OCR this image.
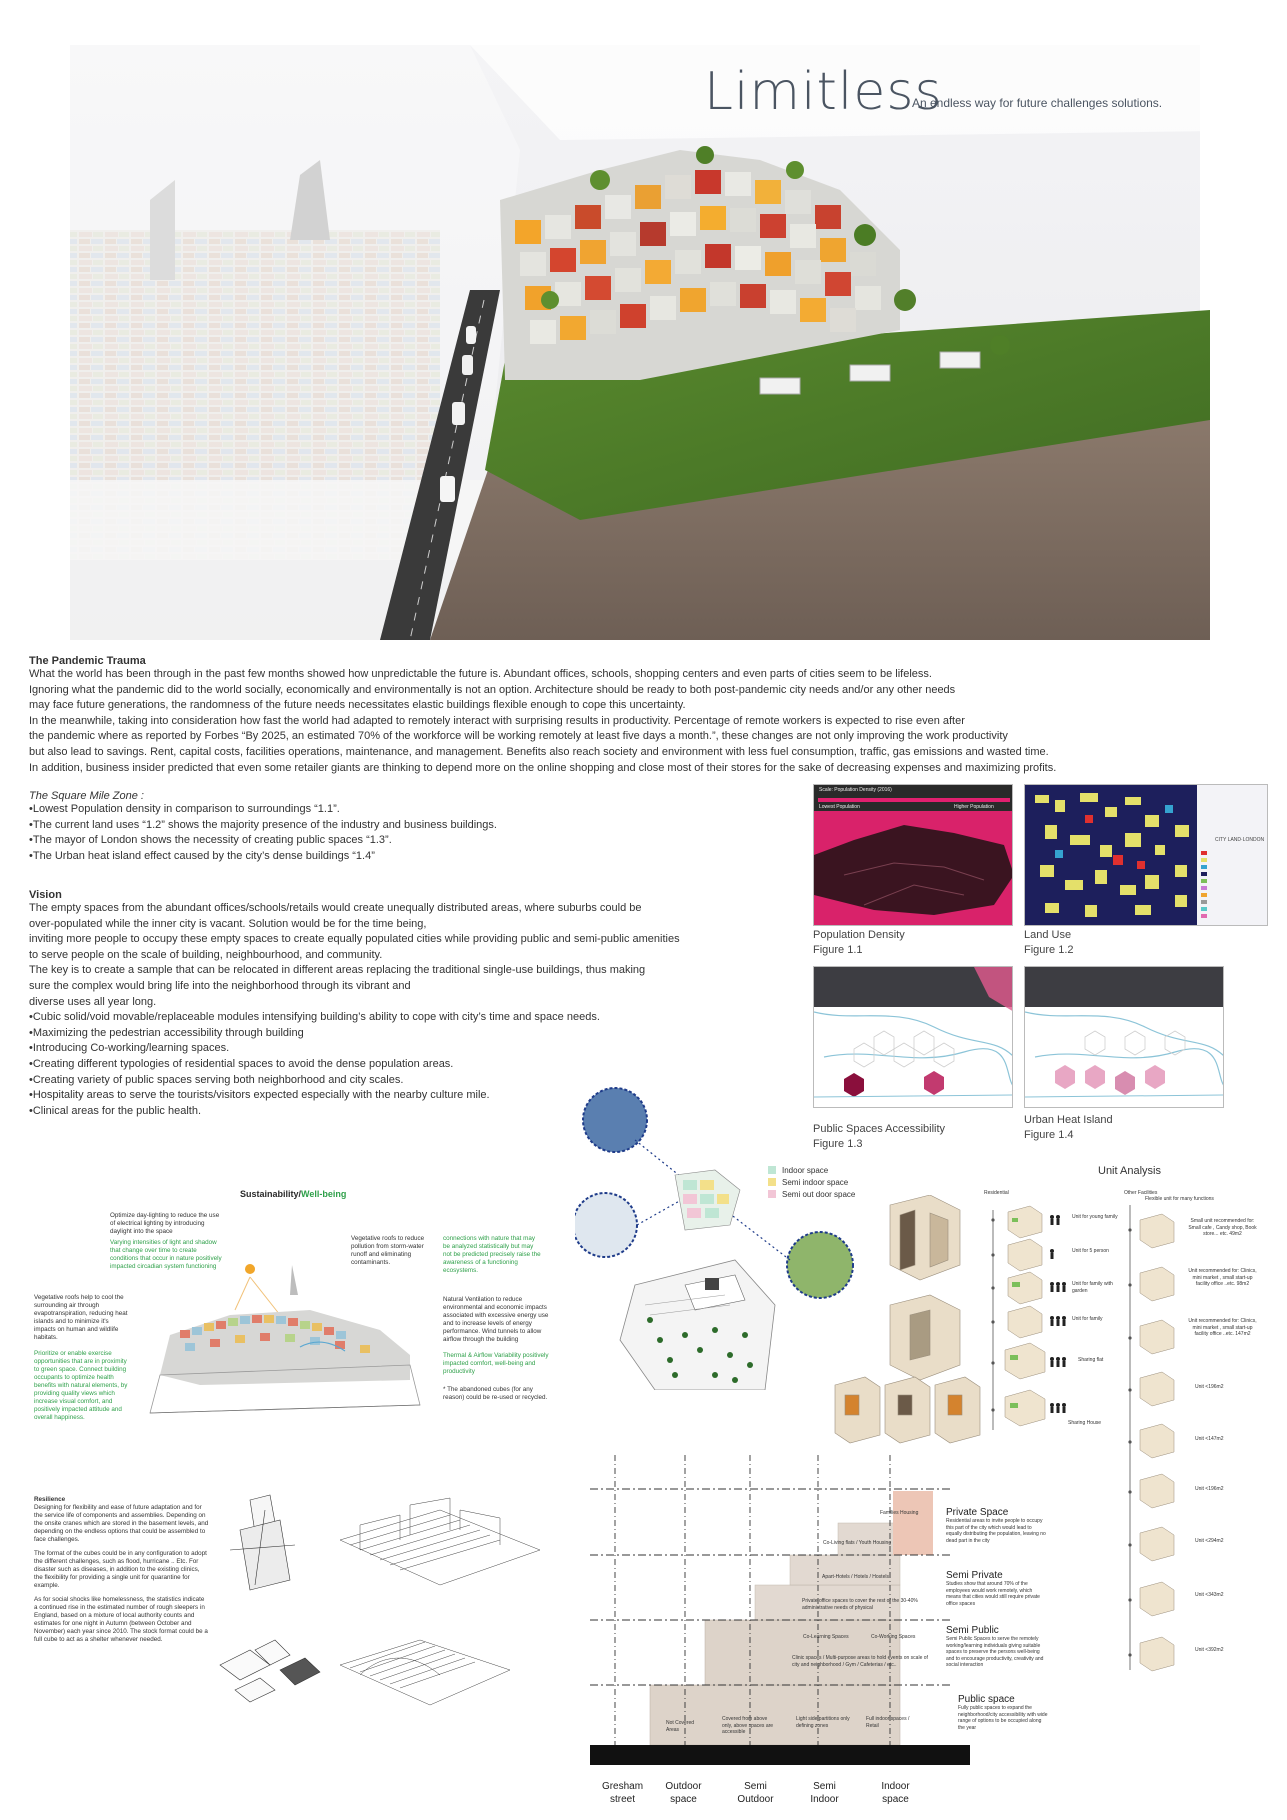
Limitless
An endless way for future challenges solutions.
The Pandemic Trauma

What the world has been through in the past few months showed how unpredictable the future is. Abundant offices, schools, shopping centers and even parts of cities seem to be lifeless.

Ignoring what the pandemic did to the world socially, economically and environmentally is not an option. Architecture should be ready to both post-pandemic city needs and/or any other needs

may face future generations, the randomness of the future needs necessitates elastic buildings flexible enough to cope this uncertainty.

In the meanwhile, taking into consideration how fast the world had adapted to remotely interact with surprising results in productivity. Percentage of remote workers is expected to rise even after

the pandemic where as reported by Forbes “By 2025, an estimated 70% of the workforce will be working remotely at least five days a month.”, these changes are not only improving the work productivity

but also lead to savings. Rent, capital costs, facilities operations, maintenance, and management. Benefits also reach society and environment with less fuel consumption, traffic, gas emissions and wasted time.

In addition, business insider predicted that even some retailer giants are thinking to depend more on the online shopping and close most of their stores for the sake of decreasing expenses and maximizing profits.

The Square Mile Zone :

•Lowest Population density in comparison to surroundings “1.1”.

•The current land uses “1.2” shows the majority presence of the industry and business buildings.

•The mayor of London shows the necessity of creating public spaces “1.3”.

•The Urban heat island effect caused by the city’s dense buildings “1.4”

Vision

The empty spaces from the abundant offices/schools/retails would create unequally distributed areas, where suburbs could be

over-populated while the inner city is vacant. Solution would be for the time being,

inviting more people to occupy these empty spaces to create equally populated cities while providing public and semi-public amenities

to serve people on the scale of building, neighbourhood, and community.

The key is to create a sample that can be relocated in different areas replacing the traditional single-use buildings, thus making

sure the complex would bring life into the neighborhood through its vibrant and

diverse uses all year long.

•Cubic solid/void movable/replaceable modules intensifying building’s ability to cope with city’s time and space needs.

•Maximizing the pedestrian accessibility through building

•Introducing Co-working/learning spaces.

•Creating different typologies of residential spaces to avoid the dense population areas.

•Creating variety of public spaces serving both neighborhood and city scales.

•Hospitality areas to serve the tourists/visitors expected especially with the nearby culture mile.

•Clinical areas for the public health.

Scale: Population Density (2016)
Lowest Population	Higher Population
Population Density
Figure 1.1
CITY LAND·LONDON
Land Use
Figure 1.2
Public Spaces Accessibility
Figure 1.3
Urban Heat Island
Figure 1.4
Sustainability/Well-being
Optimize day-lighting to reduce the use of electrical lighting by introducing daylight into the space
Varying intensities of light and shadow that change over time to create conditions that occur in nature positively impacted circadian system functioning
Vegetative roofs to reduce pollution from storm-water runoff and eliminating contaminants.
connections with nature that may be analyzed statistically but may not be predicted precisely raise the awareness of a functioning ecosystems.
Vegetative roofs help to cool the surrounding air through evapotranspiration, reducing heat islands and to minimize it's impacts on human and wildlife habitats.
Prioritize or enable exercise opportunities that are in proximity to green space. Connect building occupants to optimize health benefits with natural elements, by providing quality views which increase visual comfort, and positively impacted attitude and overall happiness.
Natural Ventilation to reduce environmental and economic impacts associated with excessive energy use and to increase levels of energy performance. Wind tunnels to allow airflow through the building
Thermal & Airflow Variability positively impacted comfort, well-being and productivity
* The abandoned cubes (for any reason) could be re-used or recycled.
Resilience
Designing for flexibility and ease of future adaptation and for the service life of components and assemblies. Depending on the onsite cranes which are stored in the basement levels, and depending on the endless options that could be assembled to face challenges.
The format of the cubes could be in any configuration to adopt the different challenges, such as flood, hurricane .. Etc. For disaster such as diseases, in addition to the existing clinics, the flexibility for providing a single unit for quarantine for example.
As for social shocks like homelessness, the statistics indicate a continued rise in the estimated number of rough sleepers in England, based on a mixture of local authority counts and estimates for one night in Autumn (between October and November) each year since 2010. The stock format could be a full cube to act as a shelter whenever needed.
Indoor space
Semi indoor space
Semi out door space
Unit Analysis
Residential	Other Facilities
Flexible unit for many functions
Unit for young family
Unit for 5 person
Unit for family with garden
Unit for family
Sharing flat
Sharing House
Small unit recommended for: Small cafe , Candy shop, Book store... etc. 49m2
Unit recommended for: Clinics, mini market , small start-up facility office ..etc. 98m2
Unit recommended for: Clinics, mini market , small start-up facility office ..etc. 147m2
Unit <196m2
Unit <147m2
Unit <196m2
Unit <294m2
Unit <343m2
Unit <392m2
Not Covered Areas
Covered from above only, above spaces are accessible
Light side partitions only defining zones
Full indoor spaces / Retail
Clinic spaces / Multi-purpose areas to hold events on scale of city and neighborhood / Gym / Cafeterias / etc..
Co-Learning Spaces	Co-Working Spaces
Private office spaces to cover the rest of the 30-40% administrative needs of physical
Apart-Hotels / Hotels / Hostels
Co-Living flats / Youth Housing
Families Housing	Private Space
Residential areas to invite people to occupy this part of the city which would lead to equally distributing the population, leaving no dead part in the city
Semi Private
Studies show that around 70% of the employees would work remotely, which means that cities would still require private office spaces
Semi Public
Semi Public Spaces to serve the remotely working/learning individuals giving suitable spaces to preserve the persons well-being and to encourage productivity, creativity and social interaction
Public space
Fully public spaces to expand the neighborhood/city accessibility with wide range of options to be occupied along the year
Gresham
street
Outdoor
space
Semi
Outdoor
Semi
Indoor
Indoor
space
